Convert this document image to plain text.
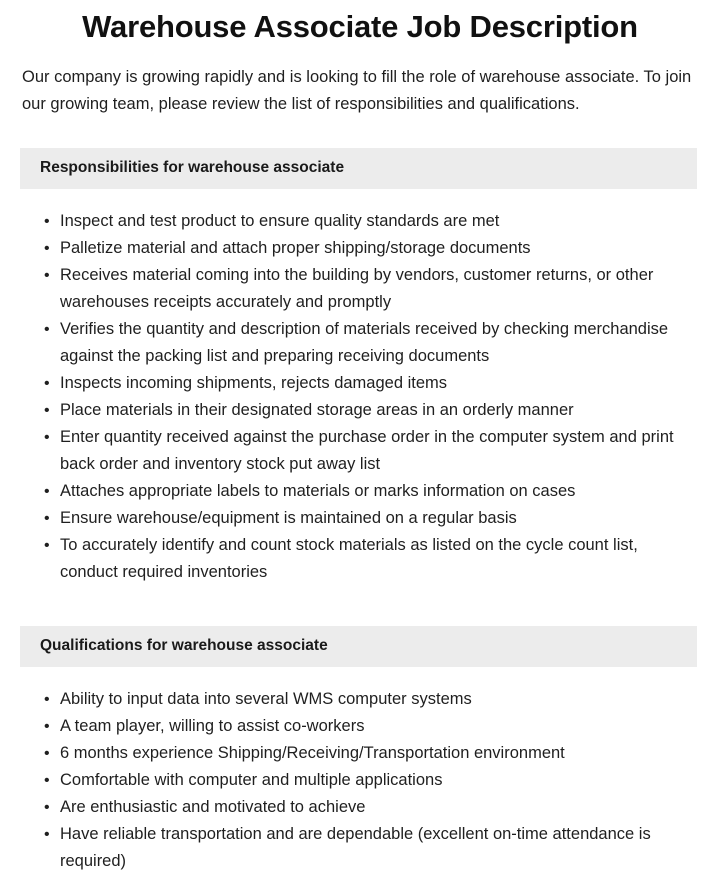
Warehouse Associate Job Description

Our company is growing rapidly and is looking to fill the role of warehouse associate. To join our growing team, please review the list of responsibilities and qualifications.

Responsibilities for warehouse associate
• Inspect and test product to ensure quality standards are met
• Palletize material and attach proper shipping/storage documents
• Receives material coming into the building by vendors, customer returns, or other warehouses receipts accurately and promptly
• Verifies the quantity and description of materials received by checking merchandise against the packing list and preparing receiving documents
• Inspects incoming shipments, rejects damaged items
• Place materials in their designated storage areas in an orderly manner
• Enter quantity received against the purchase order in the computer system and print back order and inventory stock put away list
• Attaches appropriate labels to materials or marks information on cases
• Ensure warehouse/equipment is maintained on a regular basis
• To accurately identify and count stock materials as listed on the cycle count list, conduct required inventories
Qualifications for warehouse associate
• Ability to input data into several WMS computer systems
• A team player, willing to assist co-workers
• 6 months experience Shipping/Receiving/Transportation environment
• Comfortable with computer and multiple applications
• Are enthusiastic and motivated to achieve
• Have reliable transportation and are dependable (excellent on-time attendance is required)
